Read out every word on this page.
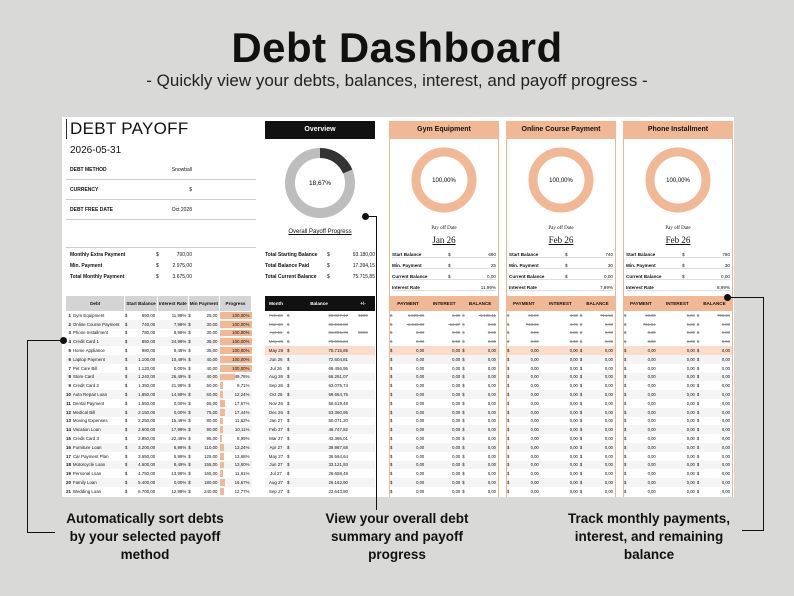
Debt Dashboard
- Quickly view your debts, balances, interest, and payoff progress -
DEBT PAYOFF
2026-05-31
DEBT METHOD	Snowball
CURRENCY	$
DEBT FREE DATE	Oct 2028
Monthly Extra Payment	$	700,00
Min. Payment	$	2.975,00
Total Monthly Payment	$	3.675,00
Debt		Start Balance		Interest Rate	Min Payment		Progress
1	Gym Equipment	$	690,00	11,99%	$	25,00	100,00%
2	Online Course Payment	$	740,00	7,99%	$	30,00	100,00%
3	Phone Installment	$	780,00	8,99%	$	30,00	100,00%
4	Credit Card 1	$	850,00	24,99%	$	35,00	100,00%
5	Home Appliance	$	980,00	9,49%	$	35,00	100,00%
6	Laptop Payment	$	1.100,00	10,49%	$	40,00	100,00%
7	Pet Care Bill	$	1.120,00	0,00%	$	40,00	100,00%
8	Store Card	$	1.240,00	26,49%	$	40,00	49,76%
9	Credit Card 2	$	1.350,00	21,99%	$	50,00	9,71%
10	Auto Repair Loan	$	1.850,00	14,99%	$	60,00	12,24%
11	Dental Payment	$	1.650,00	0,00%	$	65,00	17,67%
12	Medical Bill	$	2.150,00	0,00%	$	75,00	17,44%
13	Moving Expenses	$	2.250,00	15,49%	$	80,00	11,62%
14	Vacation Loan	$	2.600,00	17,99%	$	90,00	10,11%
15	Credit Card 3	$	2.850,00	22,49%	$	95,00	8,99%
16	Furniture Loan	$	3.200,00	6,99%	$	110,00	13,24%
17	Car Payment Plan	$	3.650,00	5,99%	$	125,00	13,68%
18	Motorcycle Loan	$	4.600,00	8,49%	$	155,00	13,50%
19	Personal Loan	$	4.750,00	13,99%	$	165,00	11,61%
20	Family Loan	$	5.400,00	0,00%	$	180,00	16,67%
21	Wedding Loan	$	6.700,00	12,99%	$	240,00	12,77%
Overview
18,67%
Overall Payoff Progress
Total Starting Balance	$	93.180,00
Total Balance Paid	$	17.394,15
Total Current Balance	$	75.715,85
Month	Balance		+/-
Feb 26	$	90.827,17	1200
Mar 26	$	86.918,50	
Apr 26	$	81.006,73	2000
May 26	$	79.009,24	
May 26	$	75.715,85	
Jun 26	$	72.604,81	
Jul 26	$	69.456,95	
Aug 26	$	66.261,07	
Sep 26	$	63.075,74	
Oct 26	$	59.654,75	
Nov 26	$	56.619,48	
Dec 26	$	53.360,95	
Jan 27	$	50.071,20	
Feb 27	$	46.747,82	
Mar 27	$	43.386,01	
Apr 27	$	39.987,68	
May 27	$	36.564,64	
Jun 27	$	33.121,93	
Jul 27	$	29.658,49	
Aug 27	$	26.162,90	
Sep 27	$	22.643,80	
Gym Equipment
100,00%
Pay off Date
Jan 26
Start Balance	$	690
Min. Payment	$	25
Current Balance	$	0,00
Interest Rate	11,99%
PAYMENT		INTEREST	BALANCE	
$	1.829,00	6,89	$	-1.132,11
$	-1.040,00	-12,27	$	0,00
$	0,00	0,00	$	0,00
$	0,00	0,00	$	0,00
$	0,00	0,00	$	0,00
$	0,00	0,00	$	0,00
$	0,00	0,00	$	0,00
$	0,00	0,00	$	0,00
$	0,00	0,00	$	0,00
$	0,00	0,00	$	0,00
$	0,00	0,00	$	0,00
$	0,00	0,00	$	0,00
$	0,00	0,00	$	0,00
$	0,00	0,00	$	0,00
$	0,00	0,00	$	0,00
$	0,00	0,00	$	0,00
$	0,00	0,00	$	0,00
$	0,00	0,00	$	0,00
$	0,00	0,00	$	0,00
$	0,00	0,00	$	0,00
$	0,00	0,00	$	0,00
Online Course Payment
100,00%
Pay off Date
Feb 26
Start Balance	$	740
Min. Payment	$	30
Current Balance	$	0,00
Interest Rate	7,99%
PAYMENT		INTEREST	BALANCE	
$	30,00	4,93	$	714,93
$	718,69	4,76	$	0,00
$	0,00	0,00	$	0,00
$	0,00	0,00	$	0,00
$	0,00	0,00	$	0,00
$	0,00	0,00	$	0,00
$	0,00	0,00	$	0,00
$	0,00	0,00	$	0,00
$	0,00	0,00	$	0,00
$	0,00	0,00	$	0,00
$	0,00	0,00	$	0,00
$	0,00	0,00	$	0,00
$	0,00	0,00	$	0,00
$	0,00	0,00	$	0,00
$	0,00	0,00	$	0,00
$	0,00	0,00	$	0,00
$	0,00	0,00	$	0,00
$	0,00	0,00	$	0,00
$	0,00	0,00	$	0,00
$	0,00	0,00	$	0,00
$	0,00	0,00	$	0,00
Phone Installment
100,00%
Pay off Date
Feb 26
Start Balance	$	780
Min. Payment	$	30
Current Balance	$	0,00
Interest Rate	8,99%
PAYMENT		INTEREST	BALANCE	
$	30,00	5,84	$	755,84
$	761,51	5,66	$	0,00
$	0,00	0,00	$	0,00
$	0,00	0,00	$	0,00
$	0,00	0,00	$	0,00
$	0,00	0,00	$	0,00
$	0,00	0,00	$	0,00
$	0,00	0,00	$	0,00
$	0,00	0,00	$	0,00
$	0,00	0,00	$	0,00
$	0,00	0,00	$	0,00
$	0,00	0,00	$	0,00
$	0,00	0,00	$	0,00
$	0,00	0,00	$	0,00
$	0,00	0,00	$	0,00
$	0,00	0,00	$	0,00
$	0,00	0,00	$	0,00
$	0,00	0,00	$	0,00
$	0,00	0,00	$	0,00
$	0,00	0,00	$	0,00
$	0,00	0,00	$	0,00
Automatically sort debts by your selected payoff method
View your overall debt summary and payoff progress
Track monthly payments, interest, and remaining balance
